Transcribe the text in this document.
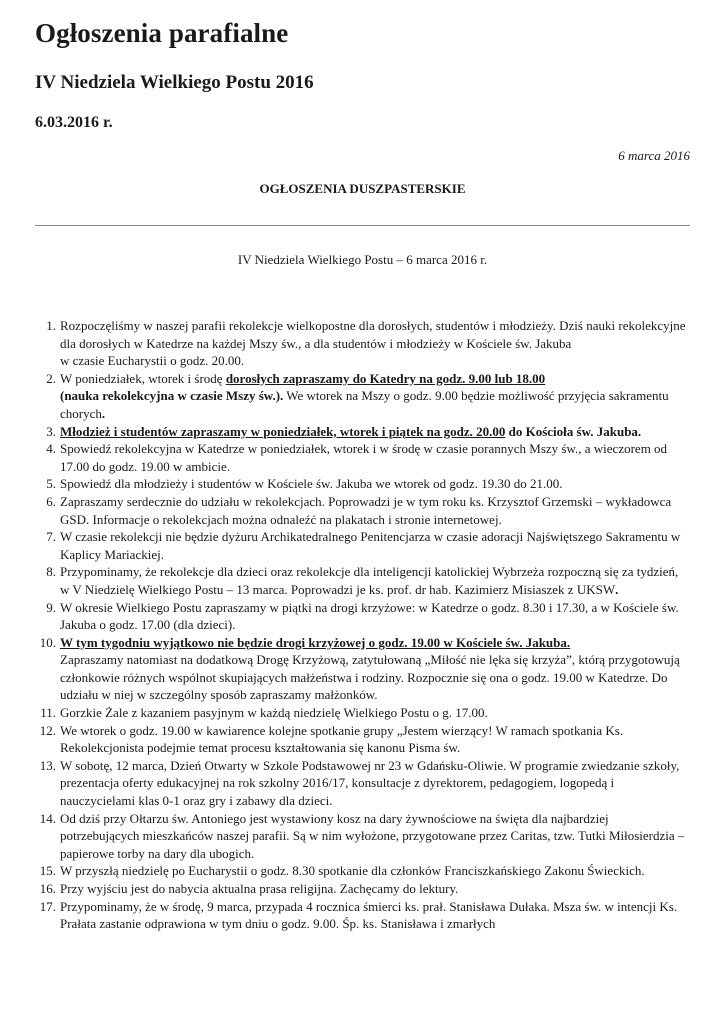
Ogłoszenia parafialne
IV Niedziela Wielkiego Postu 2016
6.03.2016 r.
6 marca 2016
OGŁOSZENIA DUSZPASTERSKIE
IV Niedziela Wielkiego Postu – 6 marca 2016 r.
1. Rozpoczęliśmy w naszej parafii rekolekcje wielkopostne dla dorosłych, studentów i młodzieży. Dziś nauki rekolekcyjne dla dorosłych w Katedrze na każdej Mszy św., a dla studentów i młodzieży w Kościele św. Jakuba
w czasie Eucharystii o godz. 20.00.
2. W poniedziałek, wtorek i środę dorosłych zapraszamy do Katedry na godz. 9.00 lub 18.00
(nauka rekolekcyjna w czasie Mszy św.). We wtorek na Mszy o godz. 9.00 będzie możliwość przyjęcia sakramentu chorych.
3. Młodzież i studentów zapraszamy w poniedziałek, wtorek i piątek na godz. 20.00 do Kościoła św. Jakuba.
4. Spowiedź rekolekcyjna w Katedrze w poniedziałek, wtorek i w środę w czasie porannych Mszy św., a wieczorem od 17.00 do godz. 19.00 w ambicie.
5. Spowiedź dla młodzieży i studentów w Kościele św. Jakuba we wtorek od godz. 19.30 do 21.00.
6. Zapraszamy serdecznie do udziału w rekolekcjach. Poprowadzi je w tym roku ks. Krzysztof Grzemski – wykładowca GSD. Informacje o rekolekcjach można odnaleźć na plakatach i stronie internetowej.
7. W czasie rekolekcji nie będzie dyżuru Archikatedralnego Penitencjarza w czasie adoracji Najświętszego Sakramentu w Kaplicy Mariackiej.
8. Przypominamy, że rekolekcje dla dzieci oraz rekolekcje dla inteligencji katolickiej Wybrzeża rozpoczną się za tydzień, w V Niedzielę Wielkiego Postu – 13 marca. Poprowadzi je ks. prof. dr hab. Kazimierz Misiaszek z UKSW.
9. W okresie Wielkiego Postu zapraszamy w piątki na drogi krzyżowe: w Katedrze o godz. 8.30 i 17.30, a w Kościele św. Jakuba o godz. 17.00 (dla dzieci).
10. W tym tygodniu wyjątkowo nie będzie drogi krzyżowej o godz. 19.00 w Kościele św. Jakuba.
Zapraszamy natomiast na dodatkową Drogę Krzyżową, zatytułowaną „Miłość nie lęka się krzyża”, którą przygotowują członkowie różnych wspólnot skupiających małżeństwa i rodziny. Rozpocznie się ona o godz. 19.00 w Katedrze. Do udziału w niej w szczególny sposób zapraszamy małżonków.
11. Gorzkie Żale z kazaniem pasyjnym w każdą niedzielę Wielkiego Postu o g. 17.00.
12. We wtorek o godz. 19.00 w kawiarence kolejne spotkanie grupy „Jestem wierzący! W ramach spotkania Ks. Rekolekcjonista podejmie temat procesu kształtowania się kanonu Pisma św.
13. W sobotę, 12 marca, Dzień Otwarty w Szkole Podstawowej nr 23 w Gdańsku-Oliwie. W programie zwiedzanie szkoły, prezentacja oferty edukacyjnej na rok szkolny 2016/17, konsultacje z dyrektorem, pedagogiem, logopedą i nauczycielami klas 0-1 oraz gry i zabawy dla dzieci.
14. Od dziś przy Ołtarzu św. Antoniego jest wystawiony kosz na dary żywnościowe na święta dla najbardziej potrzebujących mieszkańców naszej parafii. Są w nim wyłożone, przygotowane przez Caritas, tzw. Tutki Miłosierdzia – papierowe torby na dary dla ubogich.
15. W przyszłą niedzielę po Eucharystii o godz. 8.30 spotkanie dla członków Franciszkańskiego Zakonu Świeckich.
16. Przy wyjściu jest do nabycia aktualna prasa religijna. Zachęcamy do lektury.
17. Przypominamy, że w środę, 9 marca, przypada 4 rocznica śmierci ks. prał. Stanisława Dułaka. Msza św. w intencji Ks. Prałata zastanie odprawiona w tym dniu o godz. 9.00. Śp. ks. Stanisława i zmarłych
